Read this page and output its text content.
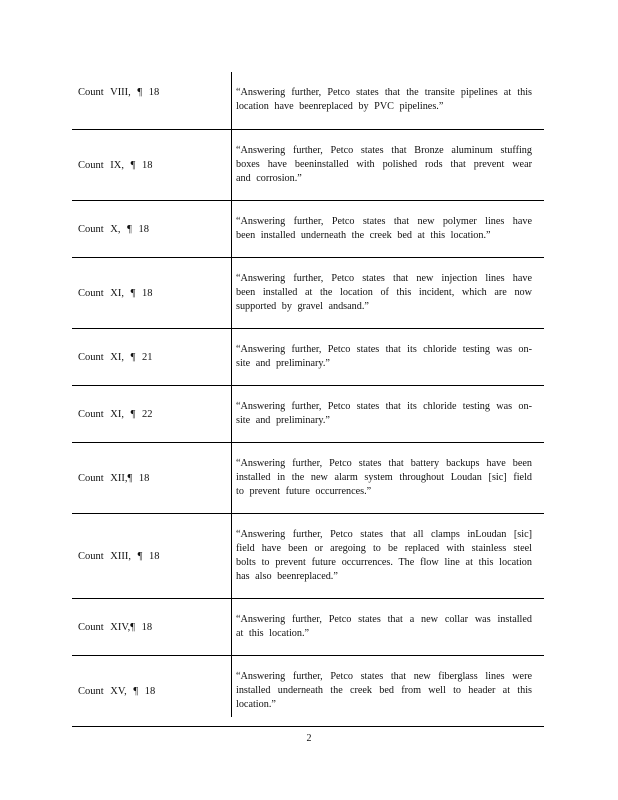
Count VIII, ¶ 18	“Answering further, Petco states that the transite pipelines at this location have beenreplaced by PVC pipelines.”
Count IX, ¶ 18
“Answering further, Petco states that Bronze aluminum stuffing boxes have beeninstalled with polished rods that prevent wear and corrosion.”
Count X, ¶ 18
“Answering further, Petco states that new polymer lines have been installed underneath the creek bed at this location.”
Count XI, ¶ 18
“Answering further, Petco states that new injection lines have been installed at the location of this incident, which are now supported by gravel andsand.”
Count XI, ¶ 21
“Answering further, Petco states that its chloride testing was on- site and preliminary.”
Count XI, ¶ 22
“Answering further, Petco states that its chloride testing was on- site and preliminary.”
Count XII,¶ 18
“Answering further, Petco states that battery backups have been installed in the new alarm system throughout Loudan [sic] field to prevent future occurrences.”
Count XIII, ¶ 18
“Answering further, Petco states that all clamps inLoudan [sic] field have been or aregoing to be replaced with stainless steel bolts to prevent future occurrences. The flow line at this location has also beenreplaced.”
Count XIV,¶ 18
“Answering further, Petco states that a new collar was installed at this location.”
Count XV, ¶ 18
“Answering further, Petco states that new fiberglass lines were installed underneath the creek bed from well to header at this location.”
2
